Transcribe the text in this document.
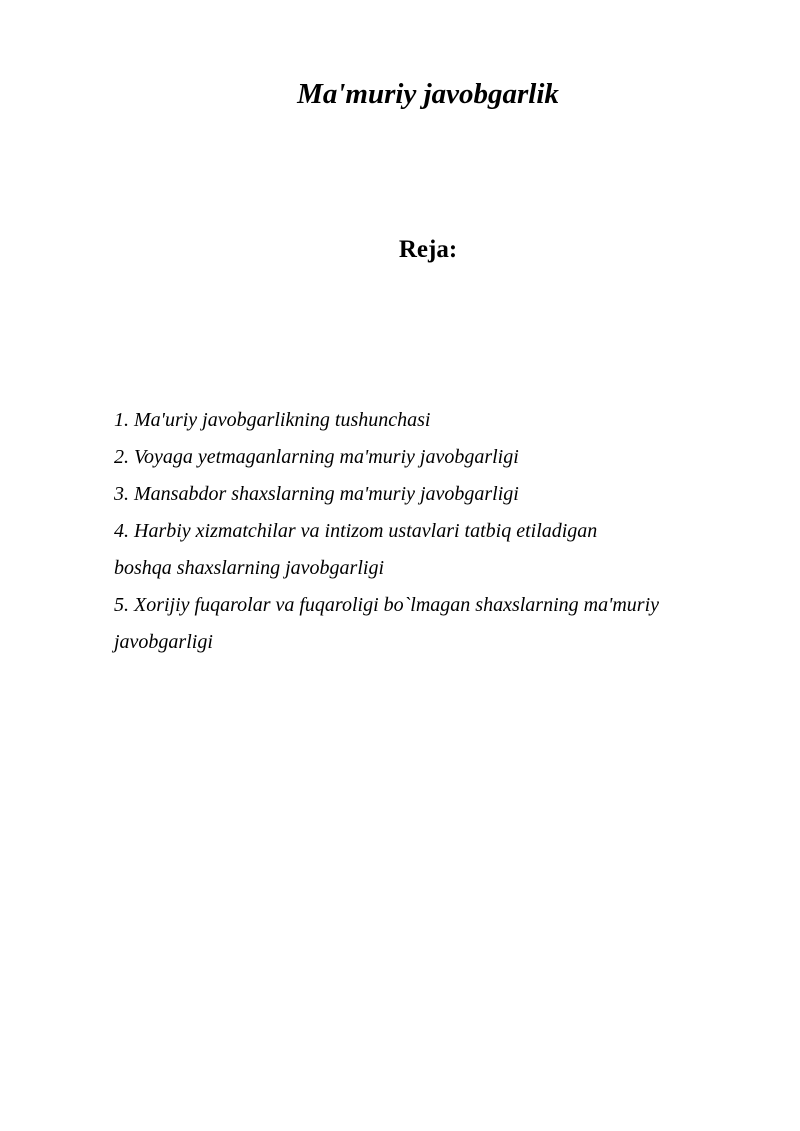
Ma'muriy javobgarlik
Reja:
1. Ma'uriy javobgarlikning tushunchasi
2. Voyaga yetmaganlarning ma'muriy javobgarligi
3. Mansabdor shaxslarning ma'muriy javobgarligi
4. Harbiy xizmatchilar va intizom ustavlari tatbiq etiladigan
boshqa shaxslarning javobgarligi
5. Xorijiy fuqarolar va fuqaroligi bo`lmagan shaxslarning ma'muriy
javobgarligi
